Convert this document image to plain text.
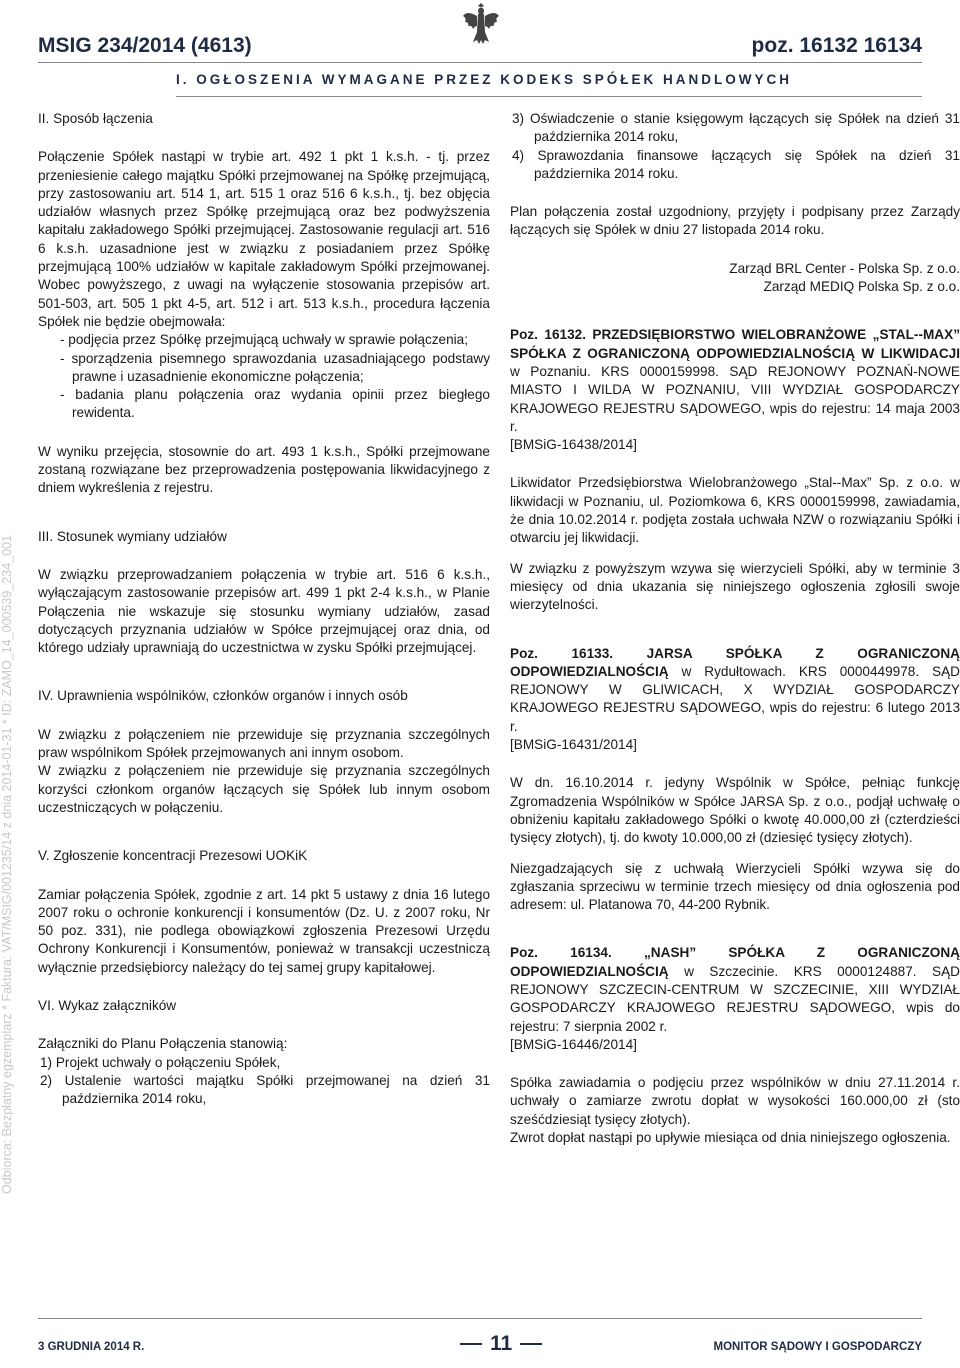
MSIG 234/2014 (4613)	poz. 16132 16134
I. OGŁOSZENIA WYMAGANE PRZEZ KODEKS SPÓŁEK HANDLOWYCH
Odbiorca: Bezpłatny egzemplarz * Faktura: VAT/MSIG/001235/14 z dnia 2014-01-31 * ID: ZAMO_14_000539_234_001

II. Sposób łączenia

Połączenie Spółek nastąpi w trybie art. 492 1 pkt 1 k.s.h. - tj. przez przeniesienie całego majątku Spółki przejmowanej na Spółkę przejmującą, przy zastosowaniu art. 514 1, art. 515 1 oraz 516 6 k.s.h., tj. bez objęcia udziałów własnych przez Spółkę przejmującą oraz bez podwyższenia kapitału zakładowego Spółki przejmującej. Zastosowanie regulacji art. 516 6 k.s.h. uzasadnione jest w związku z posiadaniem przez Spółkę przejmującą 100% udziałów w kapitale zakładowym Spółki przejmowanej. Wobec powyższego, z uwagi na wyłączenie stosowania przepisów art. 501-503, art. 505 1 pkt 4-5, art. 512 i art. 513 k.s.h., procedura łączenia Spółek nie będzie obejmowała:

- podjęcia przez Spółkę przejmującą uchwały w sprawie połączenia;

- sporządzenia pisemnego sprawozdania uzasadniającego podstawy prawne i uzasadnienie ekonomiczne połączenia;

- badania planu połączenia oraz wydania opinii przez biegłego rewidenta.

W wyniku przejęcia, stosownie do art. 493 1 k.s.h., Spółki przejmowane zostaną rozwiązane bez przeprowadzenia postępowania likwidacyjnego z dniem wykreślenia z rejestru.

III. Stosunek wymiany udziałów

W związku przeprowadzaniem połączenia w trybie art. 516 6 k.s.h., wyłączającym zastosowanie przepisów art. 499 1 pkt 2-4 k.s.h., w Planie Połączenia nie wskazuje się stosunku wymiany udziałów, zasad dotyczących przyznania udziałów w Spółce przejmującej oraz dnia, od którego udziały uprawniają do uczestnictwa w zysku Spółki przejmującej.

IV. Uprawnienia wspólników, członków organów i innych osób

W związku z połączeniem nie przewiduje się przyznania szczególnych praw wspólnikom Spółek przejmowanych ani innym osobom.

W związku z połączeniem nie przewiduje się przyznania szczególnych korzyści członkom organów łączących się Spółek lub innym osobom uczestniczących w połączeniu.

V. Zgłoszenie koncentracji Prezesowi UOKiK

Zamiar połączenia Spółek, zgodnie z art. 14 pkt 5 ustawy z dnia 16 lutego 2007 roku o ochronie konkurencji i konsumentów (Dz. U. z 2007 roku, Nr 50 poz. 331), nie podlega obowiązkowi zgłoszenia Prezesowi Urzędu Ochrony Konkurencji i Konsumentów, ponieważ w transakcji uczestniczą wyłącznie przedsiębiorcy należący do tej samej grupy kapitałowej.

VI. Wykaz załączników

Załączniki do Planu Połączenia stanowią:

1) Projekt uchwały o połączeniu Spółek,

2) Ustalenie wartości majątku Spółki przejmowanej na dzień 31 października 2014 roku,

3) Oświadczenie o stanie księgowym łączących się Spółek na dzień 31 października 2014 roku,

4) Sprawozdania finansowe łączących się Spółek na dzień 31 października 2014 roku.

Plan połączenia został uzgodniony, przyjęty i podpisany przez Zarządy łączących się Spółek w dniu 27 listopada 2014 roku.

Zarząd BRL Center - Polska Sp. z o.o.

Zarząd MEDIQ Polska Sp. z o.o.

Poz. 16132. PRZEDSIĘBIORSTWO WIELOBRANŻOWE „STAL--MAX” SPÓŁKA Z OGRANICZONĄ ODPOWIEDZIALNOŚCIĄ W LIKWIDACJI w Poznaniu. KRS 0000159998. SĄD REJONOWY POZNAŃ-NOWE MIASTO I WILDA W POZNANIU, VIII WYDZIAŁ GOSPODARCZY KRAJOWEGO REJESTRU SĄDOWEGO, wpis do rejestru: 14 maja 2003 r.

[BMSiG-16438/2014]

Likwidator Przedsiębiorstwa Wielobranżowego „Stal--Max” Sp. z o.o. w likwidacji w Poznaniu, ul. Poziomkowa 6, KRS 0000159998, zawiadamia, że dnia 10.02.2014 r. podjęta została uchwała NZW o rozwiązaniu Spółki i otwarciu jej likwidacji.

W związku z powyższym wzywa się wierzycieli Spółki, aby w terminie 3 miesięcy od dnia ukazania się niniejszego ogłoszenia zgłosili swoje wierzytelności.

Poz. 16133. JARSA SPÓŁKA Z OGRANICZONĄ ODPOWIEDZIALNOŚCIĄ w Rydułtowach. KRS 0000449978. SĄD REJONOWY W GLIWICACH, X WYDZIAŁ GOSPODARCZY KRAJOWEGO REJESTRU SĄDOWEGO, wpis do rejestru: 6 lutego 2013 r.

[BMSiG-16431/2014]

W dn. 16.10.2014 r. jedyny Wspólnik w Spółce, pełniąc funkcję Zgromadzenia Wspólników w Spółce JARSA Sp. z o.o., podjął uchwałę o obniżeniu kapitału zakładowego Spółki o kwotę 40.000,00 zł (czterdzieści tysięcy złotych), tj. do kwoty 10.000,00 zł (dziesięć tysięcy złotych).

Niezgadzających się z uchwałą Wierzycieli Spółki wzywa się do zgłaszania sprzeciwu w terminie trzech miesięcy od dnia ogłoszenia pod adresem: ul. Platanowa 70, 44-200 Rybnik.

Poz. 16134. „NASH” SPÓŁKA Z OGRANICZONĄ ODPOWIEDZIALNOŚCIĄ w Szczecinie. KRS 0000124887. SĄD REJONOWY SZCZECIN-CENTRUM W SZCZECINIE, XIII WYDZIAŁ GOSPODARCZY KRAJOWEGO REJESTRU SĄDOWEGO, wpis do rejestru: 7 sierpnia 2002 r.

[BMSiG-16446/2014]

Spółka zawiadamia o podjęciu przez wspólników w dniu 27.11.2014 r. uchwały o zamiarze zwrotu dopłat w wysokości 160.000,00 zł (sto sześćdziesiąt tysięcy złotych).

Zwrot dopłat nastąpi po upływie miesiąca od dnia niniejszego ogłoszenia.

3 GRUDNIA 2014 R.	11	MONITOR SĄDOWY I GOSPODARCZY
